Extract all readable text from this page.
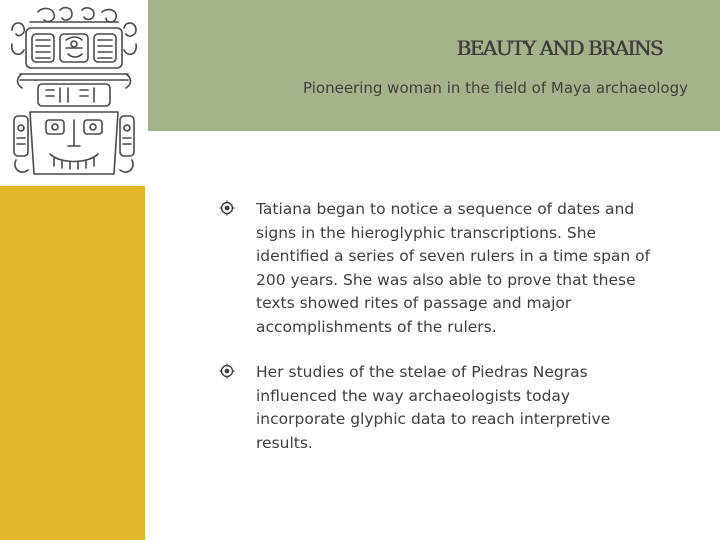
BEAUTY AND BRAINS

Pioneering woman in the field of Maya archaeology

Tatiana began to notice a sequence of dates and signs in the hieroglyphic transcriptions. She identified a series of seven rulers in a time span of 200 years. She was also able to prove that these texts showed rites of passage and major accomplishments of the rulers.
Her studies of the stelae of Piedras Negras influenced the way archaeologists today incorporate glyphic data to reach interpretive results.
